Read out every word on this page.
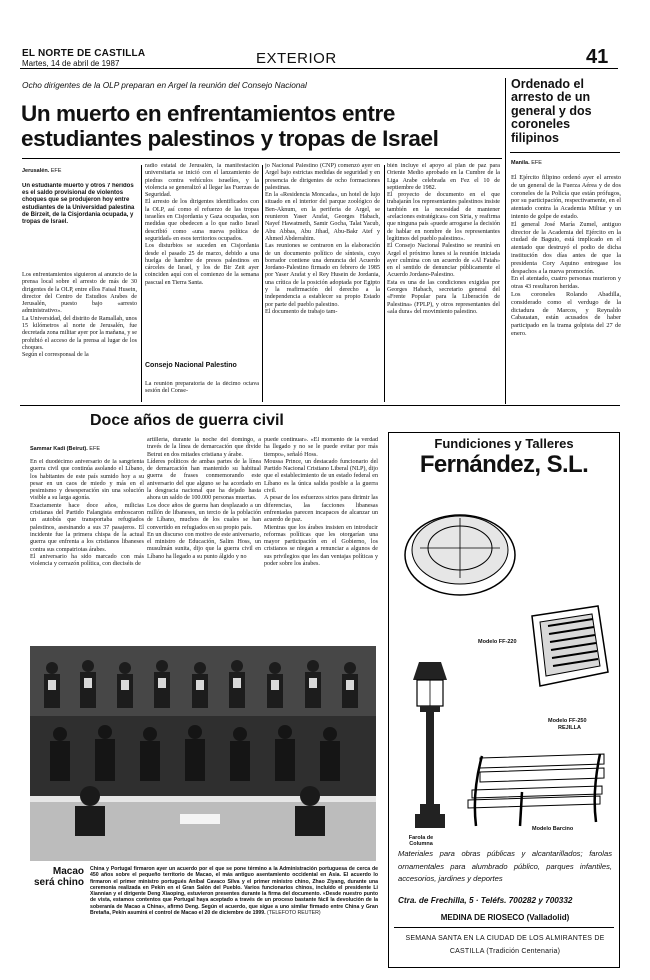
EL NORTE DE CASTILLA
Martes, 14 de abril de 1987	EXTERIOR	41
Ocho dirigentes de la OLP preparan en Argel la reunión del Consejo Nacional
Un muerto en enfrentamientos entre estudiantes palestinos y tropas de Israel
Jerusalén. EFE
Un estudiante muerto y otros 7 heridos es el saldo provisional de violentos choques que se produjeron hoy entre estudiantes de la Universidad palestina de Birzeit, de la Cisjordania ocupada, y tropas de Israel.
Los enfrentamientos siguieron al anuncio de la prensa local sobre el arresto de más de 30 dirigentes de la OLP, entre ellos Faisal Husein, director del Centro de Estudios Arabes de Jerusalén, puesto bajo «arresto administrativo».
La Universidad, del distrito de Ramallah, unos 15 kilómetros al norte de Jerusalén, fue decretada zona militar ayer por la mañana, y se prohibió el acceso de la prensa al lugar de los choques.
Según el corresponsal de la
radio estatal de Jerusalén, la manifestación universitaria se inició con el lanzamiento de piedras contra vehículos israelíes, y la violencia se generalizó al llegar las Fuerzas de Seguridad.
El arresto de los dirigentes identificados con la OLP, así como el refuerzo de las tropas israelíes en Cisjordania y Gaza ocupadas, son medidas que obedecen a lo que radio Israel describió como «una nueva política de seguridad» en esos territorios ocupados.
Los disturbios se suceden en Cisjordania desde el pasado 25 de marzo, debido a una huelga de hambre de presos palestinos en cárceles de Israel, y los de Bir Zeit ayer coinciden aquí con el comienzo de la semana pascual en Tierra Santa.
Consejo Nacional Palestino
La reunión preparatoria de la décimo octava sesión del Conse-
jo Nacional Palestino (CNP) comenzó ayer en Argel bajo estrictas medidas de seguridad y en presencia de dirigentes de ocho formaciones palestinas.
En la «Residencia Moncada», un hotel de lujo situado en el interior del parque zoológico de Ben-Aknum, en la periferia de Argel, se reunieron Yaser Arafat, Georges Habach, Nayef Hawatmeth, Samir Gocha, Talat Yacub, Abu Abbas, Abu Jihad, Abu-Bakr Atef y Ahmed Abderrahim.
Las reuniones se centraron en la elaboración de un documento político de síntesis, cuyo borrador contiene una denuncia del Acuerdo Jordano-Palestino firmado en febrero de 1985 por Yaser Arafat y el Rey Husein de Jordania, una crítica de la posición adoptada por Egipto y la reafirmación del derecho a la independencia a establecer su propio Estado por parte del pueblo palestino.
El documento de trabajo tam-
bién incluye el apoyo al plan de paz para Oriente Medio aprobado en la Cumbre de la Liga Arabe celebrada en Fez el 10 de septiembre de 1982.
El proyecto de documento en el que trabajarán los representantes palestinos insiste también en la necesidad de mantener «relaciones estratégicas» con Siria, y reafirma que ninguna país «puede arrogarse la decisión de hablar en nombre de los representantes legítimos del pueblo palestino».
El Consejo Nacional Palestino se reunirá en Argel el próximo lunes si la reunión iniciada ayer culmina con un acuerdo de «Al Fatah» en el sentido de denunciar públicamente el Acuerdo Jordano-Palestino.
Esta es una de las condiciones exigidas por Georges Habach, secretario general del «Frente Popular para la Liberación de Palestina» (FPLP), y otros representantes del «ala dura» del movimiento palestino.
Ordenado el arresto de un general y dos coroneles filipinos
Manila. EFE
El Ejército filipino ordenó ayer el arresto de un general de la Fuerza Aérea y de dos coroneles de la Policía que están prófugos, por su participación, respectivamente, en el atentado contra la Academia Militar y un intento de golpe de estado.
El general José María Zumel, antiguo director de la Academia del Ejército en la ciudad de Baguio, está implicado en el atentado que destruyó el podio de dicha institución dos días antes de que la presidenta Cory Aquino entregase los despachos a la nueva promoción.
En el atentado, cuatro personas murieron y otras 43 resultaron heridas.
Los coroneles Rolando Abadilla, considerado como el verdugo de la dictadura de Marcos, y Reynaldo Cabauatan, están acusados de haber participado en la trama golpista del 27 de enero.
Doce años de guerra civil
Sammar Kadi (Beirut). EFE
En el duodécimo aniversario de la sangrienta guerra civil que continúa asolando el Líbano, los habitantes de este país sumido hoy a su pesar en un caos de miedo y más en el pesimismo y desesperación sin una solución visible a su larga agonía.
Exactamente hace doce años, milicias cristianas del Partido Falangista emboscaron un autobús que transportaba refugiados palestinos, asesinando a sus 37 pasajeros. El incidente fue la primera chispa de la actual guerra que enfrenta a los cristianos libaneses contra sus compatriotas árabes.
El aniversario ha sido marcado con más violencia y cerrazón política, con dieciséis de
artillería, durante la noche del domingo, a través de la línea de demarcación que divide Beirut en dos mitades cristiana y árabe.
Líderes políticos de ambas partes de la línea de demarcación han mantenido su habitual guerra de frases conmemorando este aniversario del que alguno se ha acordado en la desgracia nacional que ha dejado hasta ahora un saldo de 100.000 personas muertas.
Los doce años de guerra han desplazado a un millón de libaneses, un tercio de la población de Líbano, muchos de los cuales se han convertido en refugiados en su propio país.
En un discurso con motivo de este aniversario, el ministro de Educación, Salim Hoss, un musulmán sunita, dijo que la guerra civil en Líbano ha llegado a su punto álgido y no
puede continuar». «El momento de la verdad ha llegado y no se le puede evitar por más tiempo», señaló Hoss.
Moussa Prince, un destacado funcionario del Partido Nacional Cristiano Liberal (NLP), dijo que el establecimiento de un estado federal en Líbano es la única salida posible a la guerra civil.
A pesar de los esfuerzos sirios para dirimir las diferencias, las facciones libanesas enfrentadas parecen incapaces de alcanzar un acuerdo de paz.
Mientras que los árabes insisten en introducir reformas políticas que les otorgarían una mayor participación en el Gobierno, los cristianos se niegan a renunciar a algunos de sus privilegios que les dan ventajas políticas y poder sobre los árabes.
Macao será chino
China y Portugal firmaron ayer un acuerdo por el que se pone término a la Administración portuguesa de cerca de 450 años sobre el pequeño territorio de Macao, el más antiguo asentamiento occidental en Asia. El acuerdo lo firmaron el primer ministro portugués Aníbal Cavaco Silva y el primer ministro chino, Zhao Ziyang, durante una ceremonia realizada en Pekín en el Gran Salón del Pueblo. Varios funcionarios chinos, incluido el presidente Li Xiannian y el dirigente Deng Xiaoping, estuvieron presentes durante la firma del documento. «Desde nuestro punto de vista, estamos contentos que Portugal haya aceptado a través de un proceso bastante fácil la devolución de la soberanía de Macao a China», afirmó Deng. Según el acuerdo, que sigue a uno similar firmado entre China y Gran Bretaña, Pekín asumirá el control de Macao el 20 de diciembre de 1999. (TELEFOTO REUTER)
Fundiciones y Talleres
Fernández, S.L.
Modelo FF-220
Modelo FF-250
REJILLA
Farola de Columna
Modelo Barcino
Materiales para obras públicas y alcantarillados; farolas ornamentales para alumbrado público, parques infantiles, accesorios, jardines y deportes
Ctra. de Frechilla, 5 · Teléfs. 700282 y 700332
MEDINA DE RIOSECO (Valladolid)
SEMANA SANTA EN LA CIUDAD DE LOS ALMIRANTES DE CASTILLA (Tradición Centenaria)
